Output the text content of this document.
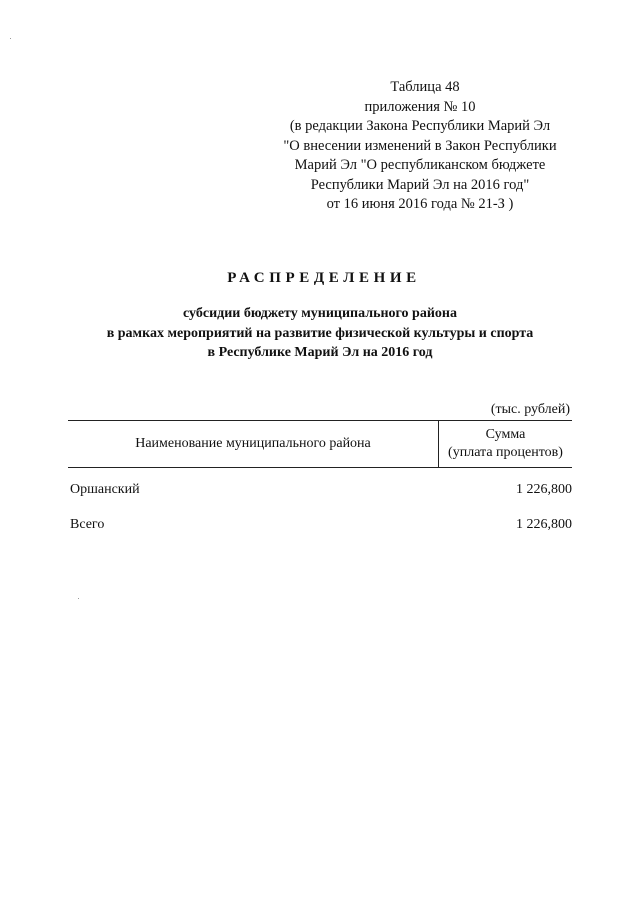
Таблица 48
приложения № 10
(в редакции Закона Республики Марий Эл
"О внесении изменений в Закон Республики
Марий Эл "О республиканском бюджете
Республики Марий Эл на 2016 год"
от 16 июня 2016 года № 21-З )
РАСПРЕДЕЛЕНИЕ
субсидии бюджету муниципального района
в рамках мероприятий на развитие физической культуры и спорта
в Республике Марий Эл на 2016 год
(тыс. рублей)
Наименование муниципального района
Сумма
(уплата процентов)
Оршанский	1 226,800
Всего	1 226,800
